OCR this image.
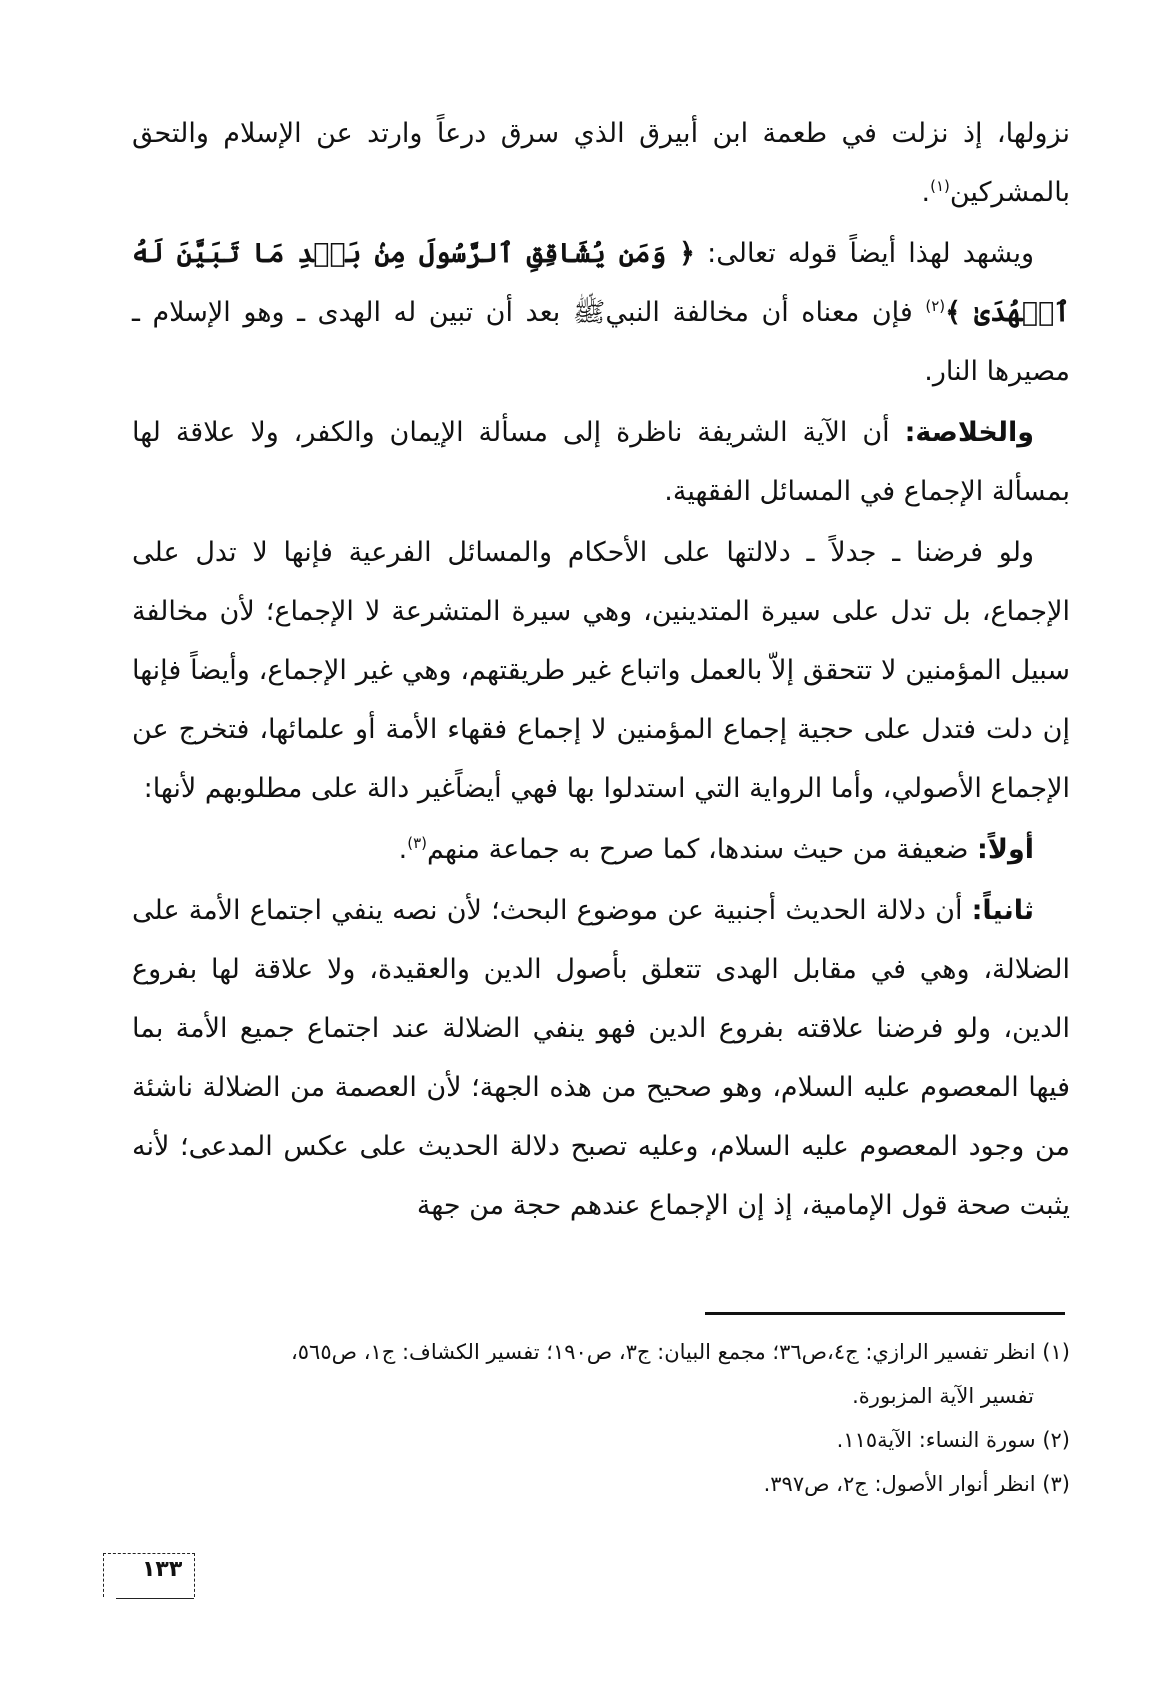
نزولها، إذ نزلت في طعمة ابن أبيرق الذي سرق درعاً وارتد عن الإسلام والتحق بالمشركين$^{(١)}$.

ويشهد لهذا أيضاً قوله تعالى: ﴿ وَمَن يُشَاقِقِ ٱلرَّسُولَ مِنۢ بَعۡدِ مَا تَبَيَّنَ لَهُ ٱلۡهُدَىٰ ﴾$^{(٢)}$ فإن معناه أن مخالفة النبيﷺ بعد أن تبين له الهدى ـ وهو الإسلام ـ مصيرها النار.

والخلاصة: أن الآية الشريفة ناظرة إلى مسألة الإيمان والكفر، ولا علاقة لها بمسألة الإجماع في المسائل الفقهية.

ولو فرضنا ـ جدلاً ـ دلالتها على الأحكام والمسائل الفرعية فإنها لا تدل على الإجماع، بل تدل على سيرة المتدينين، وهي سيرة المتشرعة لا الإجماع؛ لأن مخالفة سبيل المؤمنين لا تتحقق إلاّ بالعمل واتباع غير طريقتهم، وهي غير الإجماع، وأيضاً فإنها إن دلت فتدل على حجية إجماع المؤمنين لا إجماع فقهاء الأمة أو علمائها، فتخرج عن الإجماع الأصولي، وأما الرواية التي استدلوا بها فهي أيضاًغير دالة على مطلوبهم لأنها:

أولاً: ضعيفة من حيث سندها، كما صرح به جماعة منهم$^{(٣)}$.

ثانياً: أن دلالة الحديث أجنبية عن موضوع البحث؛ لأن نصه ينفي اجتماع الأمة على الضلالة، وهي في مقابل الهدى تتعلق بأصول الدين والعقيدة، ولا علاقة لها بفروع الدين، ولو فرضنا علاقته بفروع الدين فهو ينفي الضلالة عند اجتماع جميع الأمة بما فيها المعصوم عليه السلام، وهو صحيح من هذه الجهة؛ لأن العصمة من الضلالة ناشئة من وجود المعصوم عليه السلام، وعليه تصبح دلالة الحديث على عكس المدعى؛ لأنه يثبت صحة قول الإمامية، إذ إن الإجماع عندهم حجة من جهة

(١) انظر تفسير الرازي: ج٤،ص٣٦؛ مجمع البيان: ج٣، ص١٩٠؛ تفسير الكشاف: ج١، ص٥٦٥،

تفسير الآية المزبورة.

(٢) سورة النساء: الآية١١٥.

(٣) انظر أنوار الأصول: ج٢، ص٣٩٧.

١٣٣
